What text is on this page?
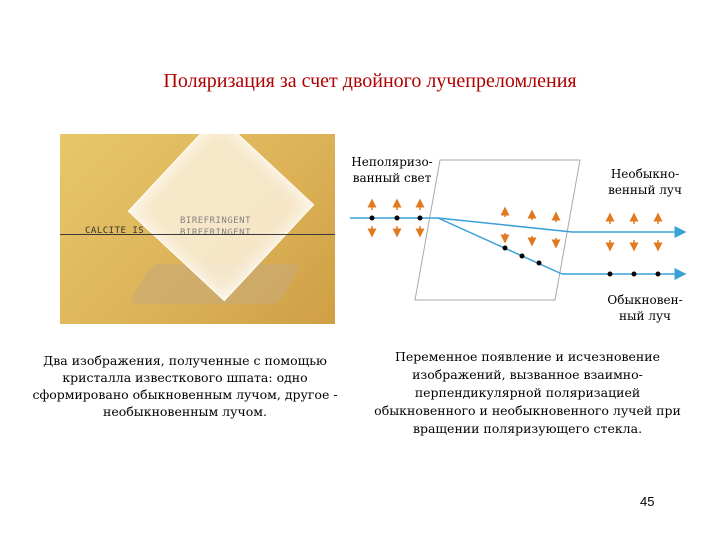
Поляризация за счет двойного лучепреломления
CALCITE IS
BIREFRINGENT
BIREFRINGENT
Два изображения, полученные с помощью кристалла известкового шпата: одно сформировано обыкновенным лучом, другое - необыкновенным лучом.
Переменное появление и исчезновение изображений, вызванное взаимно-перпендикулярной поляризацией обыкновенного и необыкновенного лучей при вращении поляризующего стекла.
Неполяризо-ванный свет	Необыкно-венный луч
Обыкновен-ный луч
45
